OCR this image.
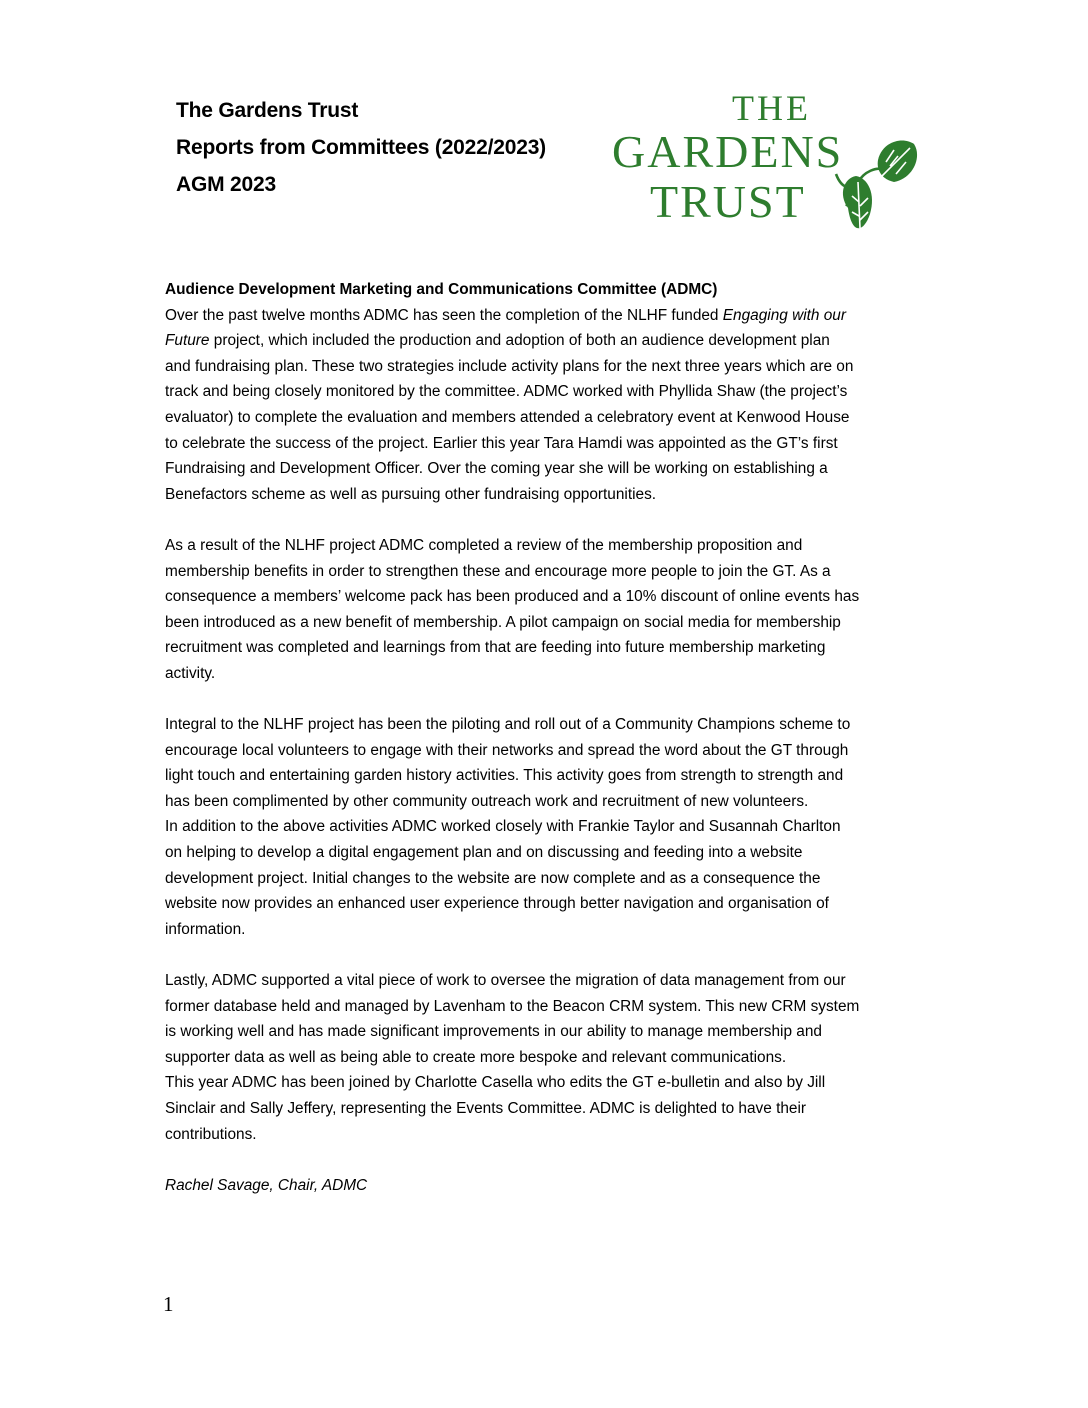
The Gardens Trust
Reports from Committees (2022/2023)
AGM 2023
THE
GARDENS
TRUST
Audience Development Marketing and Communications Committee (ADMC)
Over the past twelve months ADMC has seen the completion of the NLHF funded Engaging with our
Future project, which included the production and adoption of both an audience development plan
and fundraising plan. These two strategies include activity plans for the next three years which are on
track and being closely monitored by the committee. ADMC worked with Phyllida Shaw (the project’s
evaluator) to complete the evaluation and members attended a celebratory event at Kenwood House
to celebrate the success of the project. Earlier this year Tara Hamdi was appointed as the GT’s first
Fundraising and Development Officer. Over the coming year she will be working on establishing a
Benefactors scheme as well as pursuing other fundraising opportunities.
As a result of the NLHF project ADMC completed a review of the membership proposition and
membership benefits in order to strengthen these and encourage more people to join the GT. As a
consequence a members’ welcome pack has been produced and a 10% discount of online events has
been introduced as a new benefit of membership. A pilot campaign on social media for membership
recruitment was completed and learnings from that are feeding into future membership marketing
activity.
Integral to the NLHF project has been the piloting and roll out of a Community Champions scheme to
encourage local volunteers to engage with their networks and spread the word about the GT through
light touch and entertaining garden history activities. This activity goes from strength to strength and
has been complimented by other community outreach work and recruitment of new volunteers.
In addition to the above activities ADMC worked closely with Frankie Taylor and Susannah Charlton
on helping to develop a digital engagement plan and on discussing and feeding into a website
development project. Initial changes to the website are now complete and as a consequence the
website now provides an enhanced user experience through better navigation and organisation of
information.
Lastly, ADMC supported a vital piece of work to oversee the migration of data management from our
former database held and managed by Lavenham to the Beacon CRM system. This new CRM system
is working well and has made significant improvements in our ability to manage membership and
supporter data as well as being able to create more bespoke and relevant communications.
This year ADMC has been joined by Charlotte Casella who edits the GT e-bulletin and also by Jill
Sinclair and Sally Jeffery, representing the Events Committee. ADMC is delighted to have their
contributions.
Rachel Savage, Chair, ADMC
1
